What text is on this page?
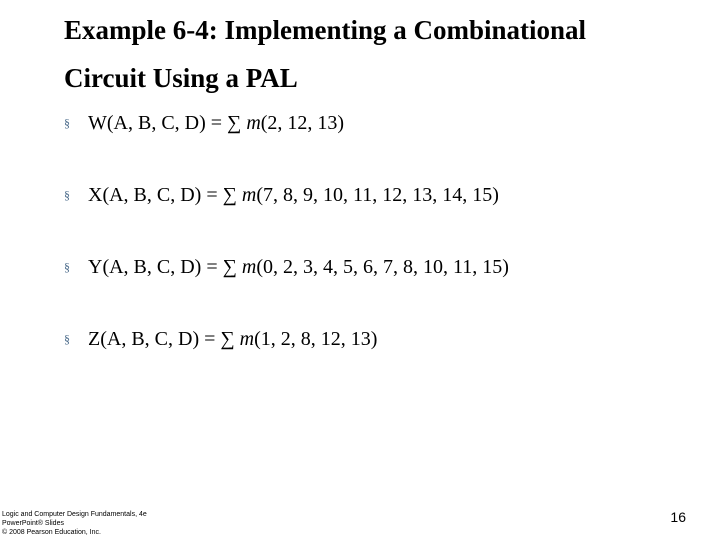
Example 6-4: Implementing a Combinational
Circuit Using a PAL
§ W(A, B, C, D) = ∑ m(2, 12, 13)
§ X(A, B, C, D) = ∑ m(7, 8, 9, 10, 11, 12, 13, 14, 15)
§ Y(A, B, C, D) = ∑ m(0, 2, 3, 4, 5, 6, 7, 8, 10, 11, 15)
§ Z(A, B, C, D) = ∑ m(1, 2, 8, 12, 13)
Logic and Computer Design Fundamentals, 4e
PowerPoint® Slides
© 2008 Pearson Education, Inc.
16
